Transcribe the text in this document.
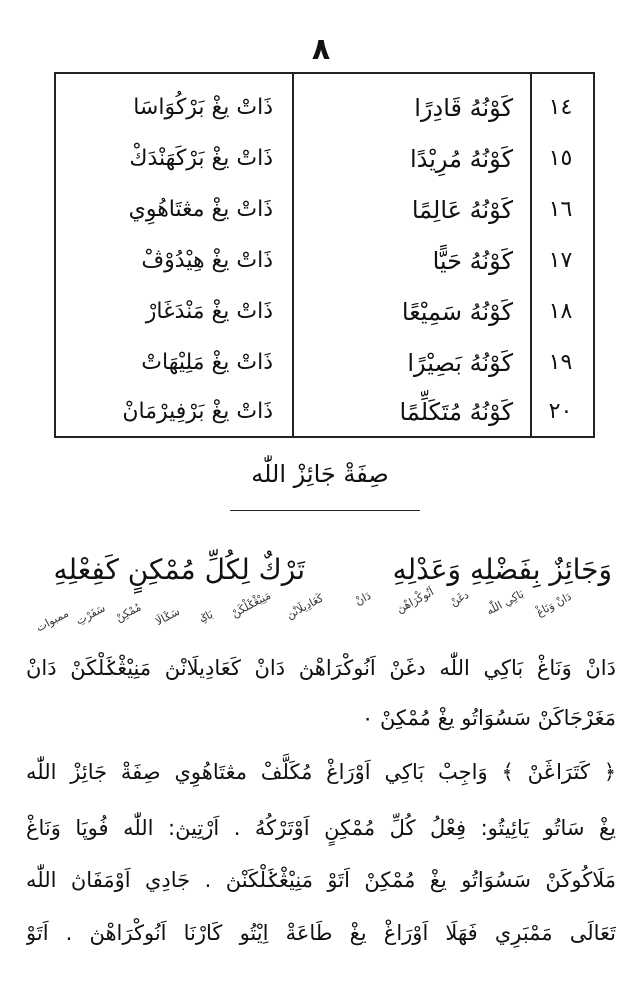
٨
١٤
كَوْنُهُ قَادِرًا
ذَاتْ يغْ بَرْكُوَاسَا
١٥
كَوْنُهُ مُرِيْدًا
ذَاتْ يغْ بَرْكَهَنْدَكْ
١٦
كَوْنُهُ عَالِمًا
ذَاتْ يغْ مڠتَاهُوِي
١٧
كَوْنُهُ حَيًّا
ذَاتْ يغْ هِيْدُوْڤْ
١٨
كَوْنُهُ سَمِيْعًا
ذَاتْ يغْ مَنْدَغَارْ
١٩
كَوْنُهُ بَصِيْرًا
ذَاتْ يغْ مَلِيْهَاتْ
٢٠
كَوْنُهُ مُتَكَلِّمًا
ذَاتْ يغْ بَرْفِيرْمَانْ
صِفَةْ جَائِزْ اللّٰه
وَجَائِزٌ بِفَضْلِهِ وَعَدْلِهِ
تَرْكٌ لِكُلِّ مُمْكِنٍ كَفِعْلِهِ
دَانْ وَنَاغْ
بَاكِي اللّٰه
دغَنْ
اَنُوكْرَاهْڽ
دَانْ
كَعَادِيلَانْڽ
مَنِيْڠْݢَلْكَنْ
بَاݢِ
سَݢَالَا
مُمْكِنْ
سَفَرْتِ
ممبوات
دَانْ وَنَاغْ بَاكِي اللّٰه دغَنْ اَنُوكْرَاهْڽ دَانْ كَعَادِيلَانْڽ مَنِيْڠْݢَلْكَنْ دَانْ
مَغَرْجَاكَنْ سَسُوَاتُو يغْ مُمْكِنْ ٠
﴿ كَتَرَاڠَنْ ﴾ وَاجِبْ بَاكِي اَوْرَاغْ مُكَلَّفْ مڠتَاهُوِي صِفَةْ جَائِزْ اللّٰه
يغْ سَاتُو يَائِيتُو: فِعْلُ كُلِّ مُمْكِنٍ اَوْتَرْكُهُ . اَرْتِيڽ: اللّٰه فُوڽَا وَنَاغْ
مَلَاكُوكَنْ سَسُوَاتُو يغْ مُمْكِنْ اَتَوْ مَنِيْڠْݢَلْكَنْڽ . جَادِي اَوْمَفَاڽ اللّٰه
تَعَالَى مَمْبَرِي فَهَلَا اَوْرَاغْ يغْ طَاعَةْ اِيْتُو كَارْنَا اَنُوكْرَاهْڽ . اَتَوْ
